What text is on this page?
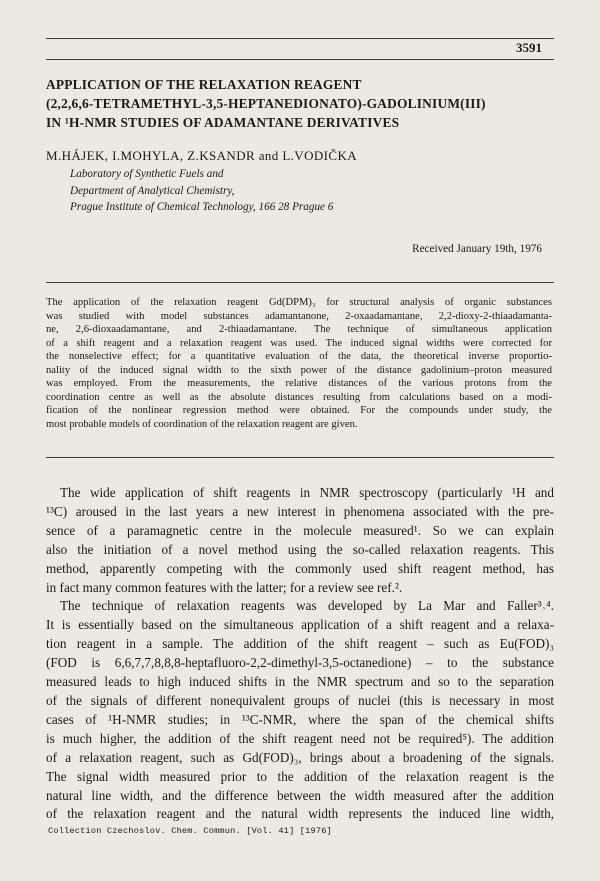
3591
APPLICATION OF THE RELAXATION REAGENT
(2,2,6,6-TETRAMETHYL-3,5-HEPTANEDIONATO)-GADOLINIUM(III)
IN ¹H-NMR STUDIES OF ADAMANTANE DERIVATIVES
M.HÁJEK, I.MOHYLA, Z.KSANDR and L.VODIČKA
Laboratory of Synthetic Fuels and
Department of Analytical Chemistry,
Prague Institute of Chemical Technology, 166 28 Prague 6
Received January 19th, 1976
The application of the relaxation reagent Gd(DPM)₃ for structural analysis of organic substances
was studied with model substances adamantanone, 2-oxaadamantane, 2,2-dioxy-2-thiaadamanta-
ne, 2,6-dioxaadamantane, and 2-thiaadamantane. The technique of simultaneous application
of a shift reagent and a relaxation reagent was used. The induced signal widths were corrected for
the nonselective effect; for a quantitative evaluation of the data, the theoretical inverse proportio-
nality of the induced signal width to the sixth power of the distance gadolinium–proton measured
was employed. From the measurements, the relative distances of the various protons from the
coordination centre as well as the absolute distances resulting from calculations based on a modi-
fication of the nonlinear regression method were obtained. For the compounds under study, the
most probable models of coordination of the relaxation reagent are given.
The wide application of shift reagents in NMR spectroscopy (particularly ¹H and
¹³C) aroused in the last years a new interest in phenomena associated with the pre-
sence of a paramagnetic centre in the molecule measured¹. So we can explain
also the initiation of a novel method using the so-called relaxation reagents. This
method, apparently competing with the commonly used shift reagent method, has
in fact many common features with the latter; for a review see ref.².
The technique of relaxation reagents was developed by La Mar and Faller³˒⁴.
It is essentially based on the simultaneous application of a shift reagent and a relaxa-
tion reagent in a sample. The addition of the shift reagent – such as Eu(FOD)₃
(FOD is 6,6,7,7,8,8,8-heptafluoro-2,2-dimethyl-3,5-octanedione) – to the substance
measured leads to high induced shifts in the NMR spectrum and so to the separation
of the signals of different nonequivalent groups of nuclei (this is necessary in most
cases of ¹H-NMR studies; in ¹³C-NMR, where the span of the chemical shifts
is much higher, the addition of the shift reagent need not be required⁵). The addition
of a relaxation reagent, such as Gd(FOD)₃, brings about a broadening of the signals.
The signal width measured prior to the addition of the relaxation reagent is the
natural line width, and the difference between the width measured after the addition
of the relaxation reagent and the natural width represents the induced line width,
Collection Czechoslov. Chem. Commun. [Vol. 41] [1976]
